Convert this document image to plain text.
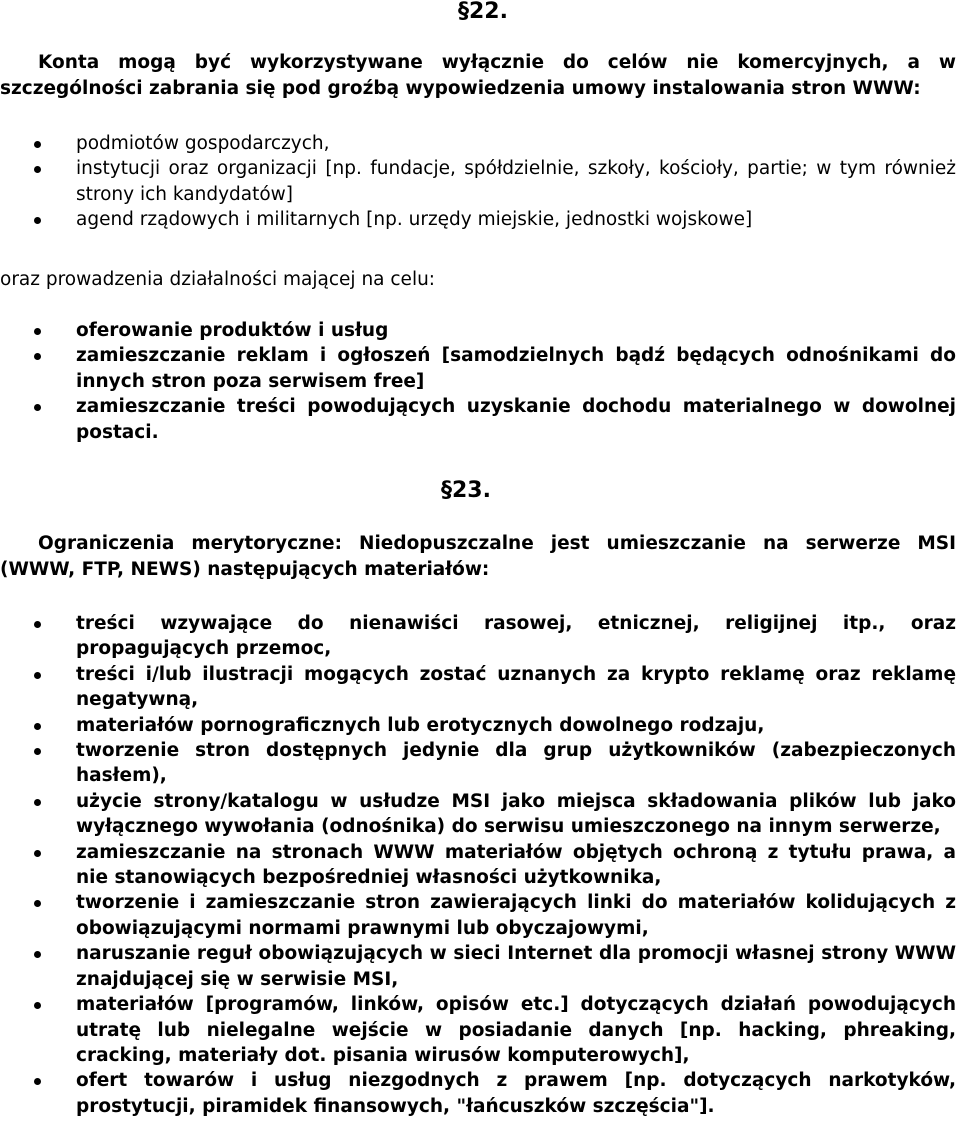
§22.

Konta mogą być wykorzystywane wyłącznie do celów nie komercyjnych, a w szczególności zabrania się pod groźbą wypowiedzenia umowy instalowania stron WWW:

podmiotów gospodarczych,
instytucji oraz organizacji [np. fundacje, spółdzielnie, szkoły, kościoły, partie; w tym również strony ich kandydatów]
agend rządowych i militarnych [np. urzędy miejskie, jednostki wojskowe]

oraz prowadzenia działalności mającej na celu:

oferowanie produktów i usług
zamieszczanie reklam i ogłoszeń [samodzielnych bądź będących odnośnikami do innych stron poza serwisem free]
zamieszczanie treści powodujących uzyskanie dochodu materialnego w dowolnej postaci.
§23.

Ograniczenia merytoryczne: Niedopuszczalne jest umieszczanie na serwerze MSI (WWW, FTP, NEWS) następujących materiałów:

treści wzywające do nienawiści rasowej, etnicznej, religijnej itp., oraz propagujących przemoc,
treści i/lub ilustracji mogących zostać uznanych za krypto reklamę oraz reklamę negatywną,
materiałów pornograficznych lub erotycznych dowolnego rodzaju,
tworzenie stron dostępnych jedynie dla grup użytkowników (zabezpieczonych hasłem),
użycie strony/katalogu w usłudze MSI jako miejsca składowania plików lub jako wyłącznego wywołania (odnośnika) do serwisu umieszczonego na innym serwerze,
zamieszczanie na stronach WWW materiałów objętych ochroną z tytułu prawa, a nie stanowiących bezpośredniej własności użytkownika,
tworzenie i zamieszczanie stron zawierających linki do materiałów kolidujących z obowiązującymi normami prawnymi lub obyczajowymi,
naruszanie reguł obowiązujących w sieci Internet dla promocji własnej strony WWW znajdującej się w serwisie MSI,
materiałów [programów, linków, opisów etc.] dotyczących działań powodujących utratę lub nielegalne wejście w posiadanie danych [np. hacking, phreaking, cracking, materiały dot. pisania wirusów komputerowych],
ofert towarów i usług niezgodnych z prawem [np. dotyczących narkotyków, prostytucji, piramidek finansowych, "łańcuszków szczęścia"].
